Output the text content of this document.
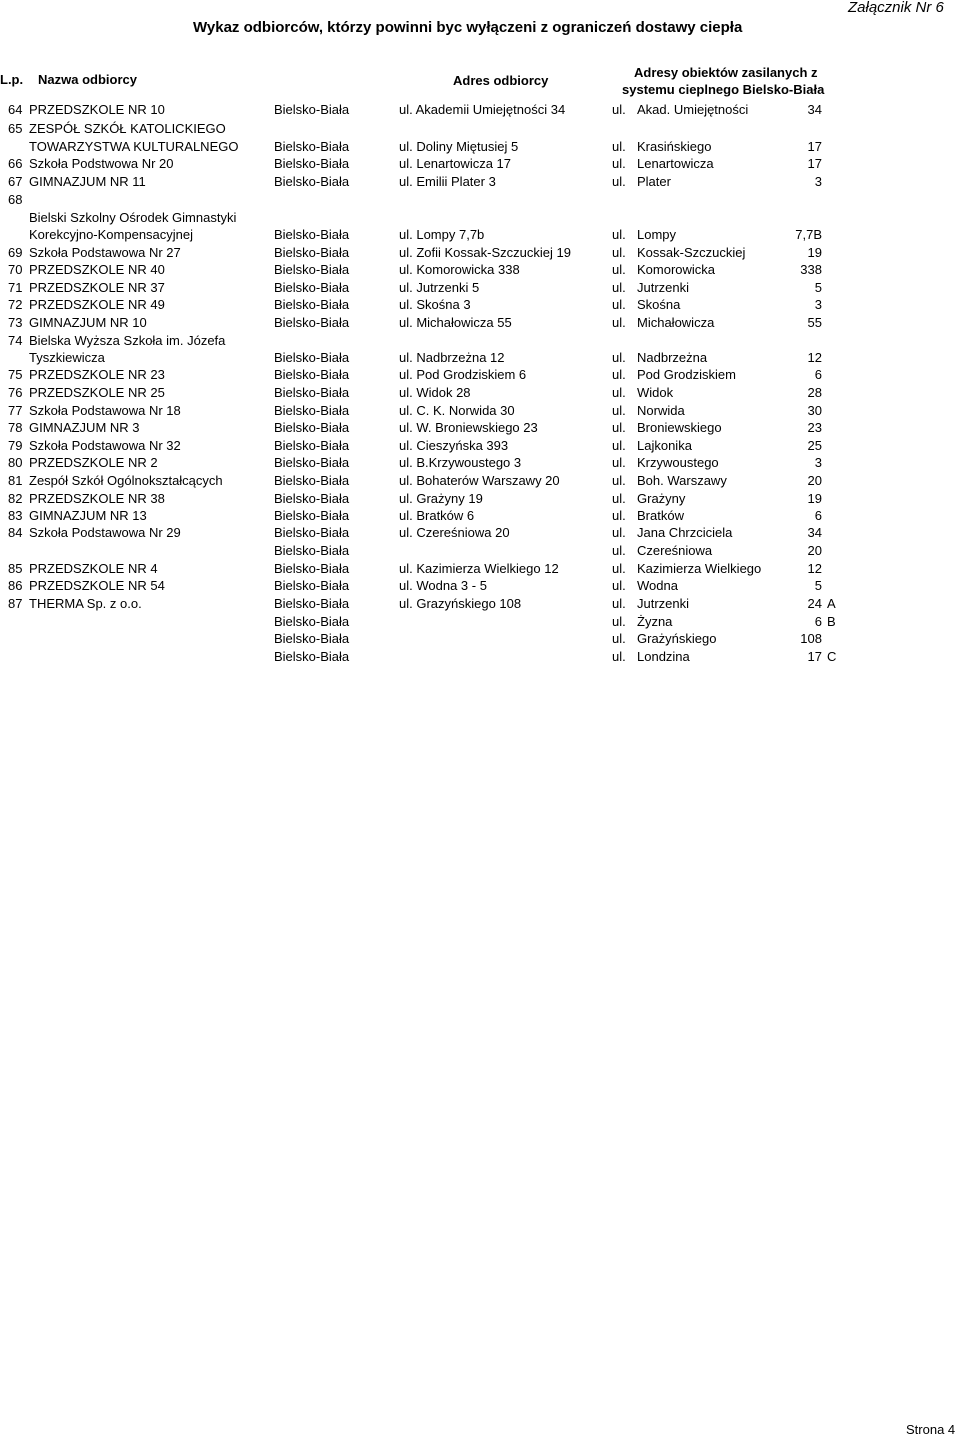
Załącznik Nr 6
Wykaz odbiorców, którzy powinni byc wyłączeni z ograniczeń dostawy ciepła
L.p. Nazwa odbiorcy	Adres odbiorcy
Adresy obiektów zasilanych z
systemu cieplnego Bielsko-Biała
64 PRZEDSZKOLE NR 10	Bielsko-Biała	ul. Akademii Umiejętności 34	ul. Akad. Umiejętności	34
65 ZESPÓŁ SZKÓŁ KATOLICKIEGO
TOWARZYSTWA KULTURALNEGO	Bielsko-Biała	ul. Doliny Miętusiej 5	ul. Krasińskiego	17
66 Szkoła Podstwowa Nr 20	Bielsko-Biała	ul. Lenartowicza 17	ul. Lenartowicza	17
67 GIMNAZJUM NR 11	Bielsko-Biała	ul. Emilii Plater 3	ul. Plater	3
68
Bielski Szkolny Ośrodek Gimnastyki
Korekcyjno-Kompensacyjnej	Bielsko-Biała	ul. Lompy 7,7b	ul. Lompy	7,7B
69 Szkoła Podstawowa Nr 27	Bielsko-Biała	ul. Zofii Kossak-Szczuckiej 19	ul. Kossak-Szczuckiej	19
70 PRZEDSZKOLE NR 40	Bielsko-Biała	ul. Komorowicka 338	ul. Komorowicka	338
71 PRZEDSZKOLE NR 37	Bielsko-Biała	ul. Jutrzenki 5	ul. Jutrzenki	5
72 PRZEDSZKOLE NR 49	Bielsko-Biała	ul. Skośna 3	ul. Skośna	3
73 GIMNAZJUM NR 10	Bielsko-Biała	ul. Michałowicza 55	ul. Michałowicza	55
74 Bielska Wyższa Szkoła im. Józefa
Tyszkiewicza	Bielsko-Biała	ul. Nadbrzeżna 12	ul. Nadbrzeżna	12
75 PRZEDSZKOLE NR 23	Bielsko-Biała	ul. Pod Grodziskiem 6	ul. Pod Grodziskiem	6
76 PRZEDSZKOLE NR 25	Bielsko-Biała	ul. Widok 28	ul. Widok	28
77 Szkoła Podstawowa Nr 18	Bielsko-Biała	ul. C. K. Norwida 30	ul. Norwida	30
78 GIMNAZJUM NR 3	Bielsko-Biała	ul. W. Broniewskiego 23	ul. Broniewskiego	23
79 Szkoła Podstawowa Nr 32	Bielsko-Biała	ul. Cieszyńska 393	ul. Lajkonika	25
80 PRZEDSZKOLE NR 2	Bielsko-Biała	ul. B.Krzywoustego 3	ul. Krzywoustego	3
81 Zespół Szkół Ogólnokształcących	Bielsko-Biała	ul. Bohaterów Warszawy 20	ul. Boh. Warszawy	20
82 PRZEDSZKOLE NR 38	Bielsko-Biała	ul. Grażyny 19	ul. Grażyny	19
83 GIMNAZJUM NR 13	Bielsko-Biała	ul. Bratków 6	ul. Bratków	6
84 Szkoła Podstawowa Nr 29	Bielsko-Biała	ul. Czereśniowa 20	ul. Jana Chrzciciela	34
Bielsko-Biała	ul. Czereśniowa	20
85 PRZEDSZKOLE NR 4	Bielsko-Biała	ul. Kazimierza Wielkiego 12	ul. Kazimierza Wielkiego	12
86 PRZEDSZKOLE NR 54	Bielsko-Biała	ul. Wodna 3 - 5	ul. Wodna	5
87 THERMA Sp. z o.o.	Bielsko-Biała	ul. Grazyńskiego 108	ul. Jutrzenki	24 A
Bielsko-Biała	ul. Żyzna	6 B
Bielsko-Biała	ul. Grażyńskiego	108
Bielsko-Biała	ul. Londzina	17 C
Strona 4
